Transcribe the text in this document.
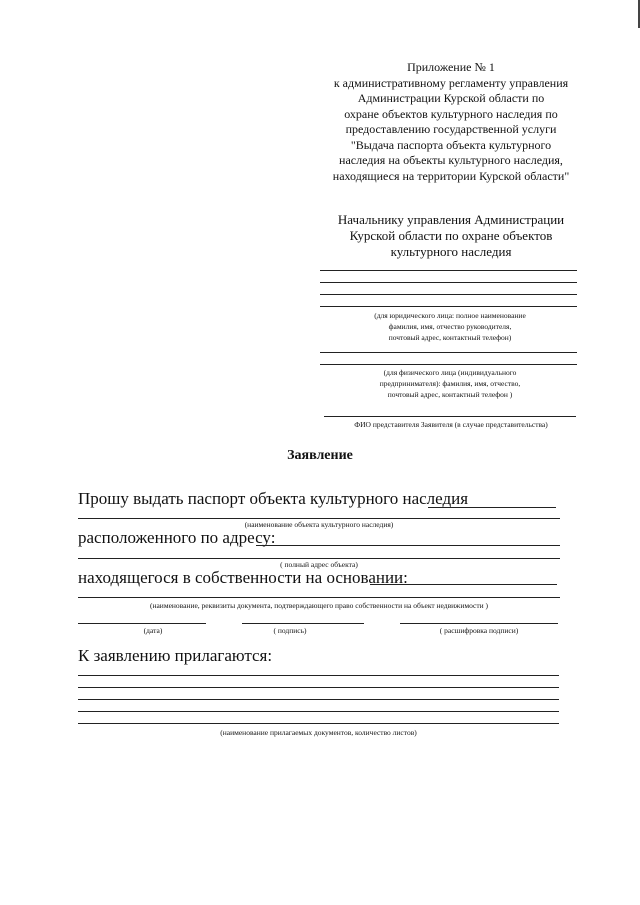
Приложение № 1
к административному регламенту управления
Администрации Курской области по
охране объектов культурного наследия по
предоставлению государственной услуги
"Выдача паспорта объекта культурного
наследия на объекты культурного наследия,
находящиеся на территории Курской области"
Начальнику управления Администрации
Курской области по охране объектов
культурного наследия
(для юридического лица: полное наименование
фамилия, имя, отчество руководителя,
почтовый адрес, контактный телефон)
(для физического лица (индивидуального
предпринимателя): фамилия, имя, отчество,
почтовый адрес, контактный телефон )
ФИО представителя Заявителя (в случае представительства)
Заявление
Прошу выдать паспорт объекта культурного наследия
(наименование объекта культурного наследия)
расположенного по адресу:
( полный адрес объекта)
находящегося в собственности на основании:
(наименование, реквизиты документа, подтверждающего право собственности на объект недвижимости )
(дата)	( подпись)	( расшифровка подписи)
К заявлению прилагаются:
(наименование прилагаемых документов, количество листов)
